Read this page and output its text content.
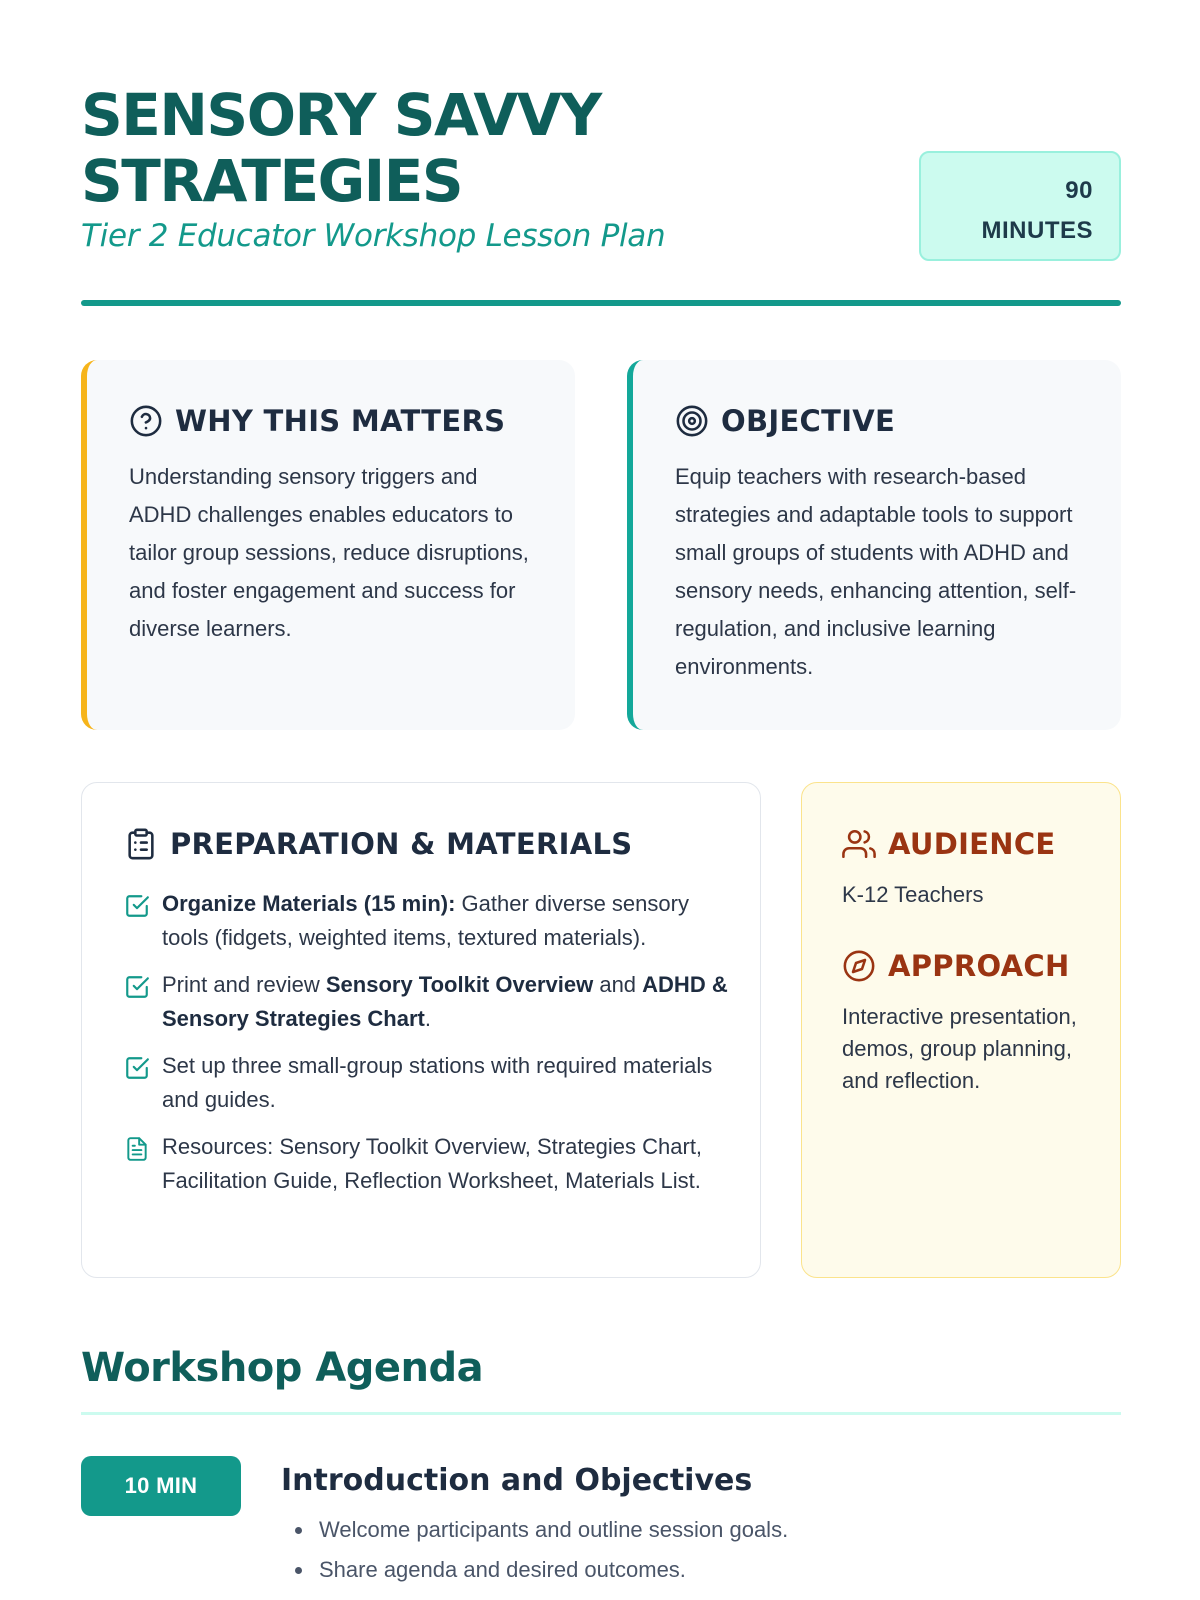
SENSORY SAVVY STRATEGIES
Tier 2 Educator Workshop Lesson Plan
90
MINUTES
WHY THIS MATTERS

Understanding sensory triggers and ADHD challenges enables educators to tailor group sessions, reduce disruptions, and foster engagement and success for diverse learners.

OBJECTIVE

Equip teachers with research-based strategies and adaptable tools to support small groups of students with ADHD and sensory needs, enhancing attention, self-regulation, and inclusive learning environments.

PREPARATION & MATERIALS
Organize Materials (15 min): Gather diverse sensory tools (fidgets, weighted items, textured materials).
Print and review Sensory Toolkit Overview and ADHD & Sensory Strategies Chart.
Set up three small-group stations with required materials and guides.
Resources: Sensory Toolkit Overview, Strategies Chart, Facilitation Guide, Reflection Worksheet, Materials List.
AUDIENCE

K-12 Teachers

APPROACH

Interactive presentation, demos, group planning, and reflection.

Workshop Agenda
10 MIN	Introduction and Objectives
• Welcome participants and outline session goals.
• Share agenda and desired outcomes.
